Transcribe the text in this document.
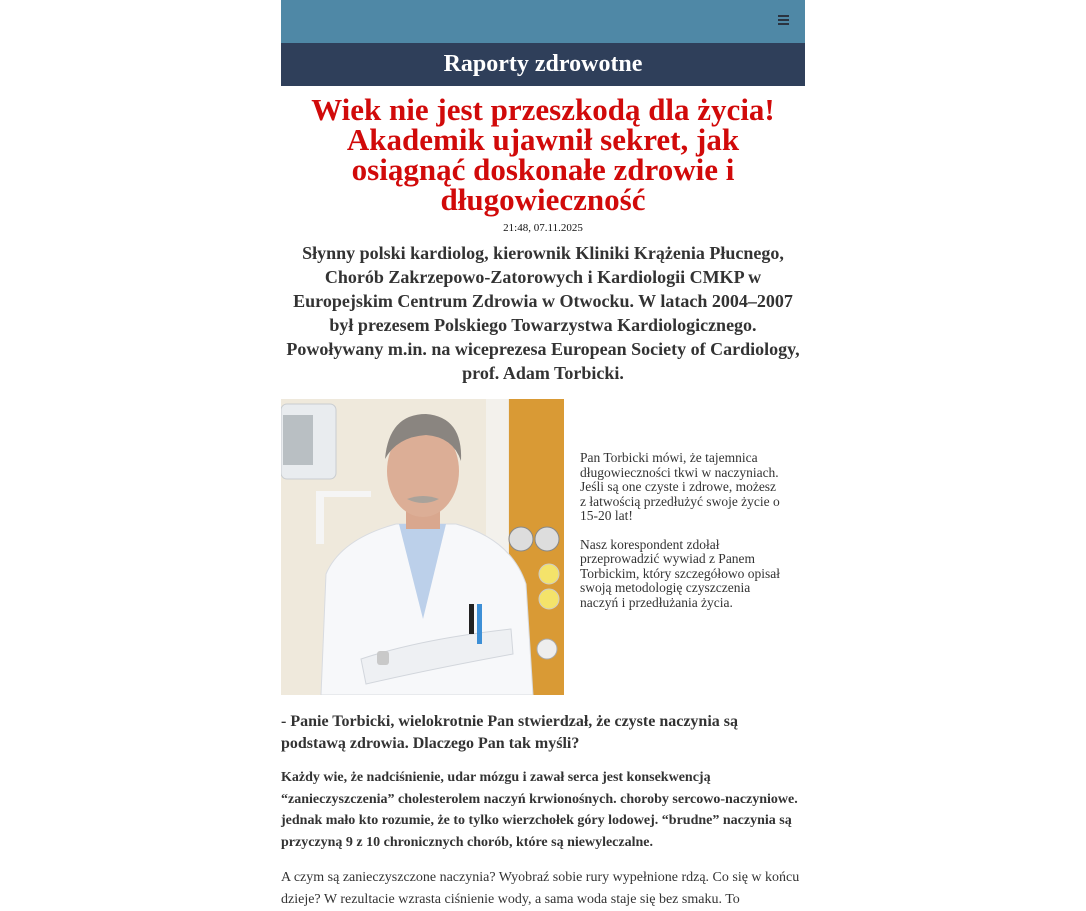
Raporty zdrowotne
Wiek nie jest przeszkodą dla życia! Akademik ujawnił sekret, jak osiągnąć doskonałe zdrowie i długowieczność
21:48, 07.11.2025
Słynny polski kardiolog, kierownik Kliniki Krążenia Płucnego, Chorób Zakrzepowo-Zatorowych i Kardiologii CMKP w Europejskim Centrum Zdrowia w Otwocku. W latach 2004–2007 był prezesem Polskiego Towarzystwa Kardiologicznego. Powoływany m.in. na wiceprezesa European Society of Cardiology, prof. Adam Torbicki.

Pan Torbicki mówi, że tajemnica długowieczności tkwi w naczyniach. Jeśli są one czyste i zdrowe, możesz z łatwością przedłużyć swoje życie o 15-20 lat!

Nasz korespondent zdołał przeprowadzić wywiad z Panem Torbickim, który szczegółowo opisał swoją metodologię czyszczenia naczyń i przedłużania życia.

- Panie Torbicki, wielokrotnie Pan stwierdzał, że czyste naczynia są podstawą zdrowia. Dlaczego Pan tak myśli?

Każdy wie, że nadciśnienie, udar mózgu i zawał serca jest konsekwencją “zanieczyszczenia” cholesterolem naczyń krwionośnych. choroby sercowo-naczyniowe. jednak mało kto rozumie, że to tylko wierzchołek góry lodowej. “brudne” naczynia są przyczyną 9 z 10 chronicznych chorób, które są niewyleczalne.

A czym są zanieczyszczone naczynia? Wyobraź sobie rury wypełnione rdzą. Co się w końcu dzieje? W rezultacie wzrasta ciśnienie wody, a sama woda staje się bez smaku. To
